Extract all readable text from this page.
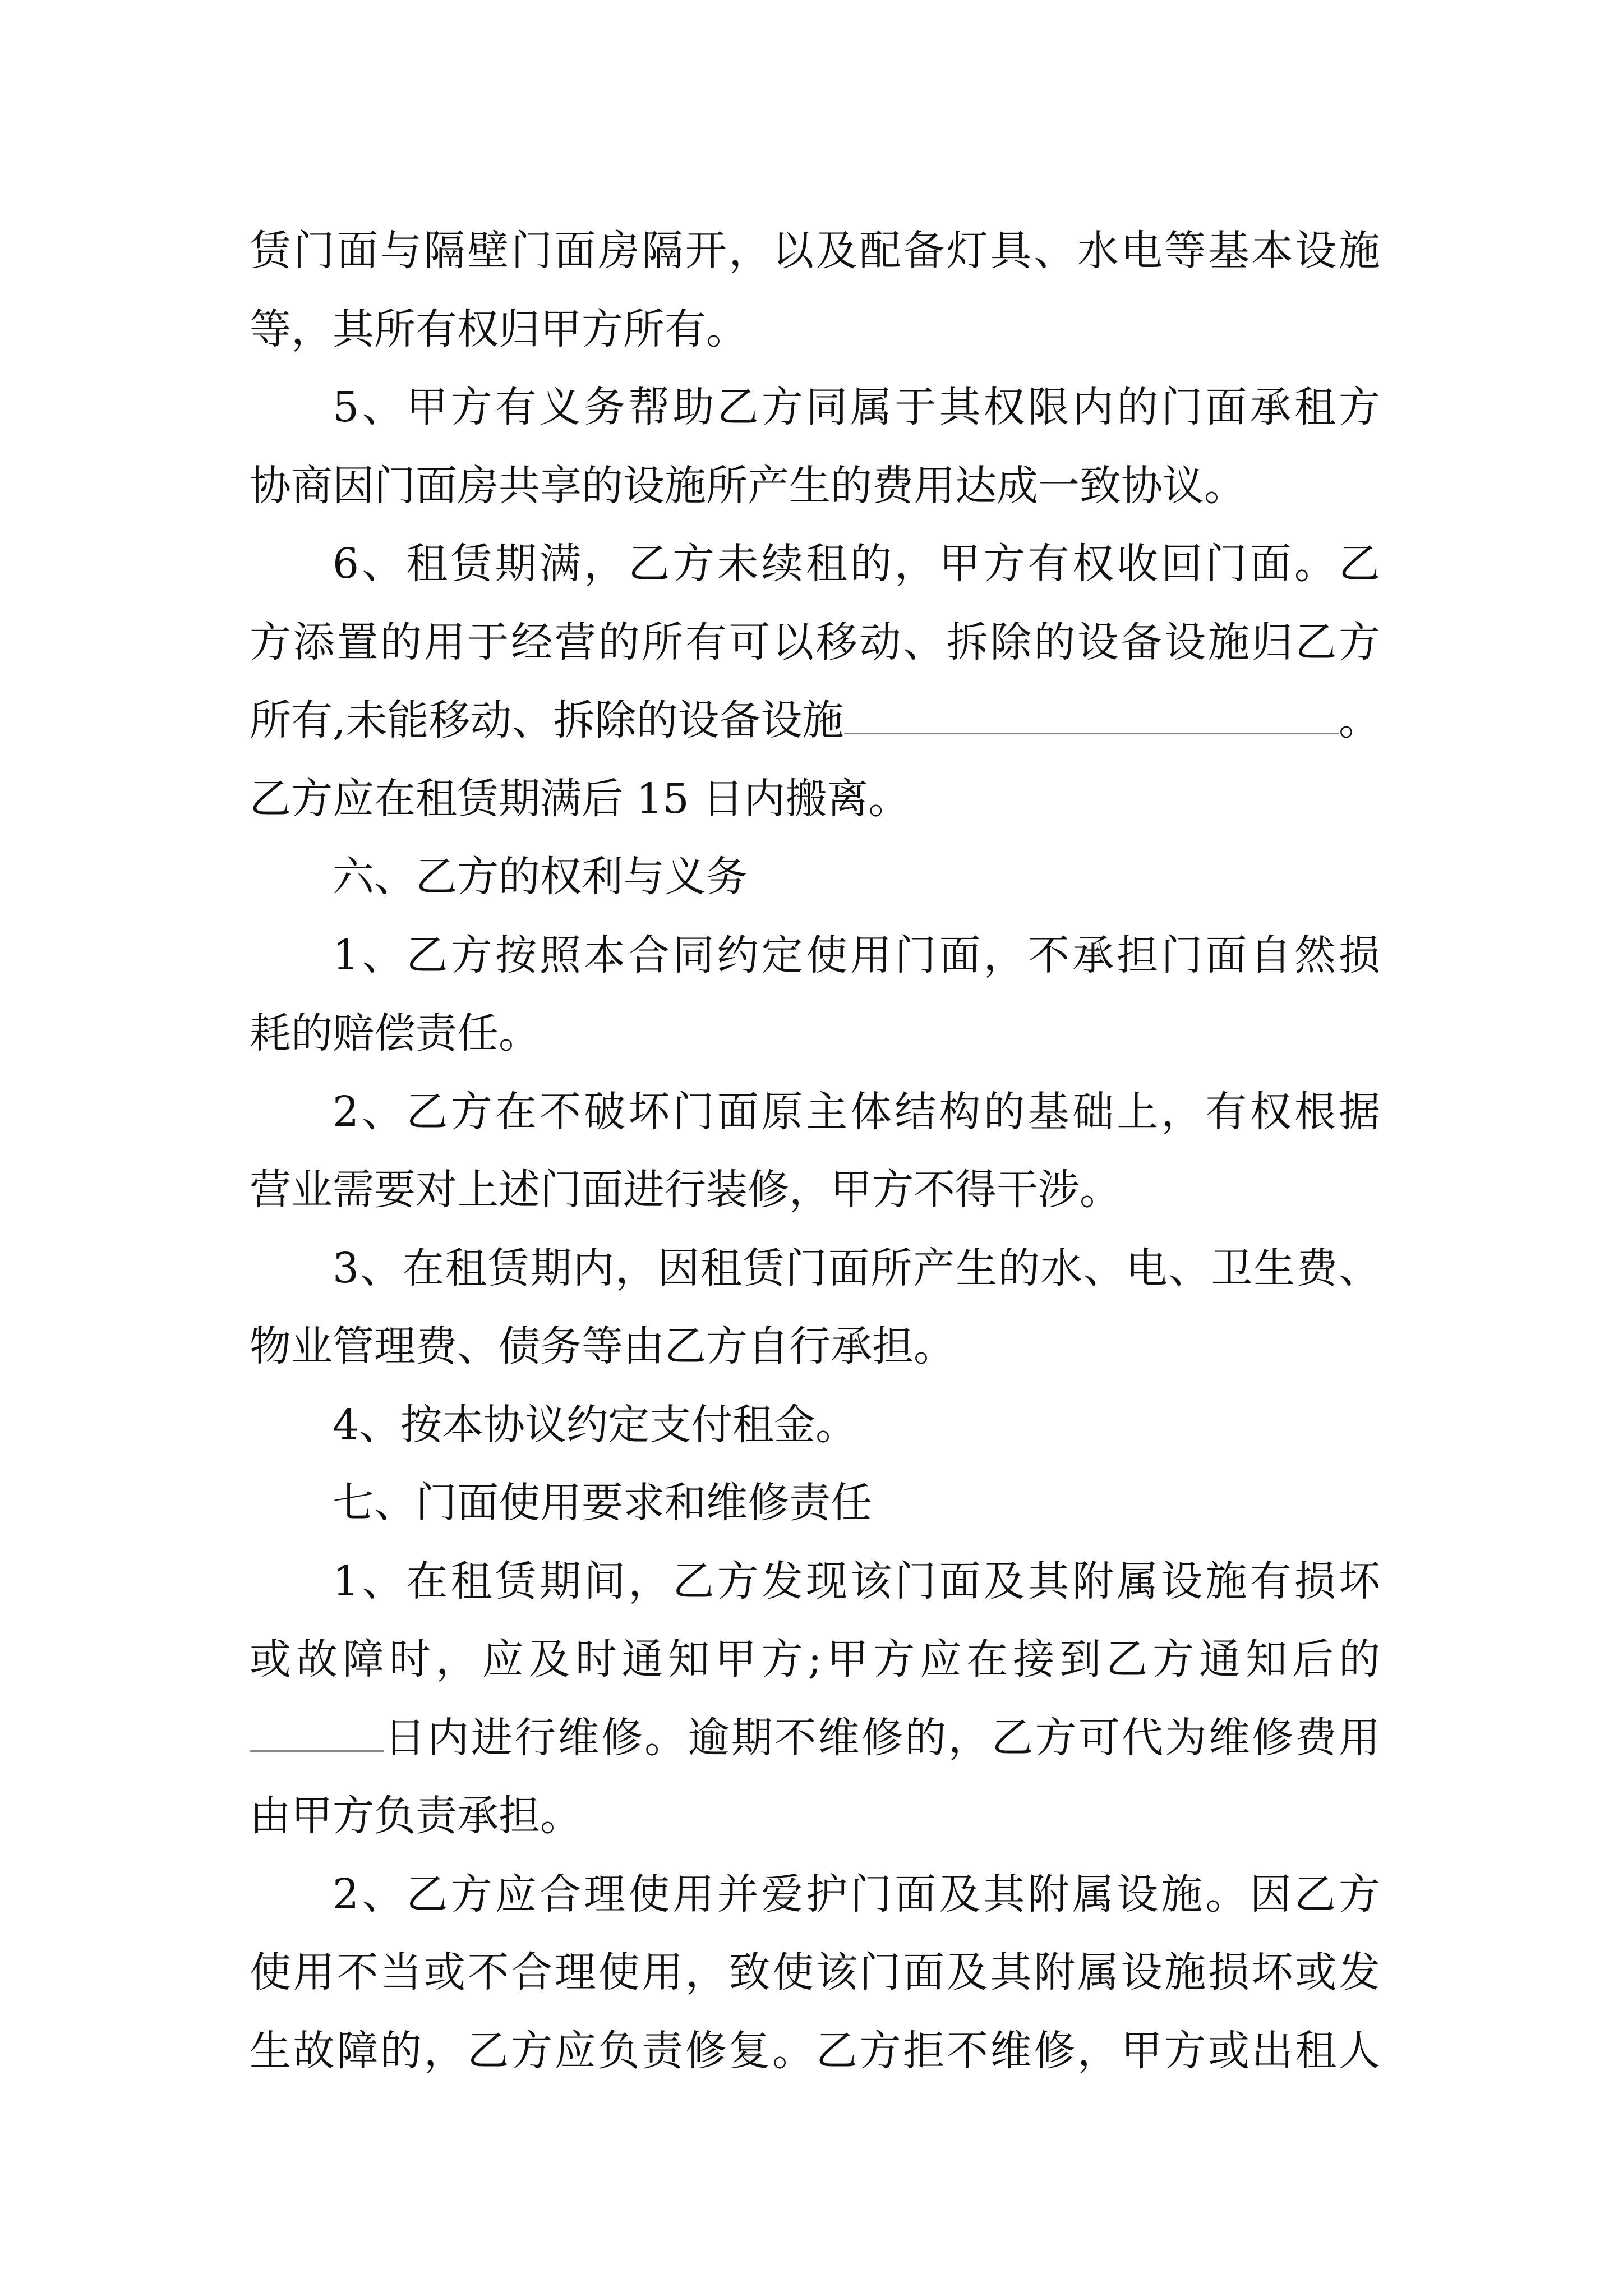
赁门面与隔壁门面房隔开，以及配备灯具、水电等基本设施
等，其所有权归甲方所有。
5、甲方有义务帮助乙方同属于其权限内的门面承租方
协商因门面房共享的设施所产生的费用达成一致协议。
6、租赁期满，乙方未续租的，甲方有权收回门面。乙
方添置的用于经营的所有可以移动、拆除的设备设施归乙方
所有,未能移动、拆除的设备设施	。
乙方应在租赁期满后 15 日内搬离。
六、乙方的权利与义务
1、乙方按照本合同约定使用门面，不承担门面自然损
耗的赔偿责任。
2、乙方在不破坏门面原主体结构的基础上，有权根据
营业需要对上述门面进行装修，甲方不得干涉。
3、在租赁期内，因租赁门面所产生的水、电、卫生费、
物业管理费、债务等由乙方自行承担。
4、按本协议约定支付租金。
七、门面使用要求和维修责任
1、在租赁期间，乙方发现该门面及其附属设施有损坏
或故障时，应及时通知甲方;甲方应在接到乙方通知后的
日内进行维修。逾期不维修的，乙方可代为维修费用
由甲方负责承担。
2、乙方应合理使用并爱护门面及其附属设施。因乙方
使用不当或不合理使用，致使该门面及其附属设施损坏或发
生故障的，乙方应负责修复。乙方拒不维修，甲方或出租人
